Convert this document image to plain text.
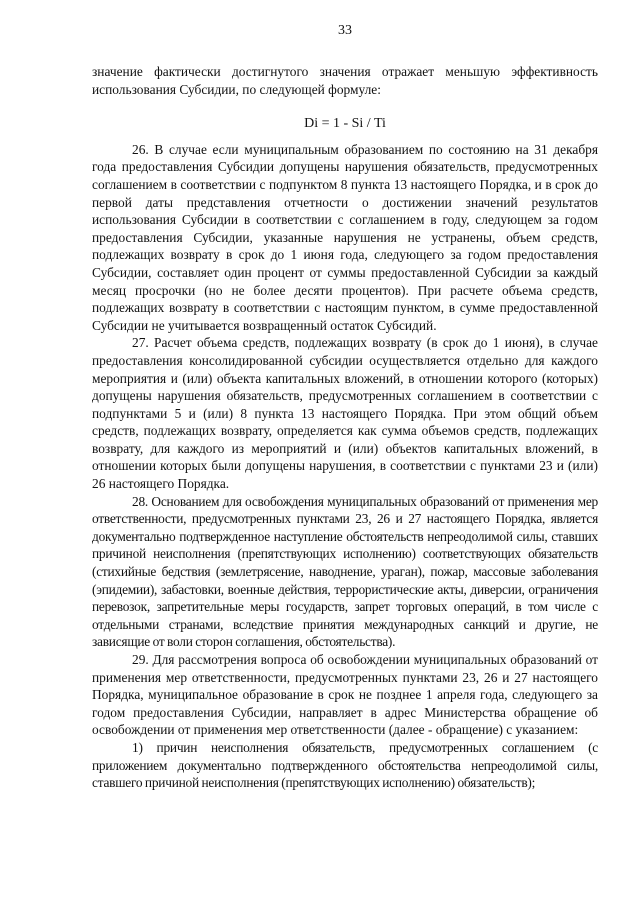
33

значение фактически достигнутого значения отражает меньшую эффективность использования Субсидии, по следующей формуле:

Di = 1 - Si / Ti

26. В случае если муниципальным образованием по состоянию на 31 декабря года предоставления Субсидии допущены нарушения обязательств, предусмотренных соглашением в соответствии с подпунктом 8 пункта 13 настоящего Порядка, и в срок до первой даты представления отчетности о достижении значений результатов использования Субсидии в соответствии с соглашением в году, следующем за годом предоставления Субсидии, указанные нарушения не устранены, объем средств, подлежащих возврату в срок до 1 июня года, следующего за годом предоставления Субсидии, составляет один процент от суммы предоставленной Субсидии за каждый месяц просрочки (но не более десяти процентов). При расчете объема средств, подлежащих возврату в соответствии с настоящим пунктом, в сумме предоставленной Субсидии не учитывается возвращенный остаток Субсидий.

27. Расчет объема средств, подлежащих возврату (в срок до 1 июня), в случае предоставления консолидированной субсидии осуществляется отдельно для каждого мероприятия и (или) объекта капитальных вложений, в отношении которого (которых) допущены нарушения обязательств, предусмотренных соглашением в соответствии с подпунктами 5 и (или) 8 пункта 13 настоящего Порядка. При этом общий объем средств, подлежащих возврату, определяется как сумма объемов средств, подлежащих возврату, для каждого из мероприятий и (или) объектов капитальных вложений, в отношении которых были допущены нарушения, в соответствии с пунктами 23 и (или) 26 настоящего Порядка.

28. Основанием для освобождения муниципальных образований от применения мер ответственности, предусмотренных пунктами 23, 26 и 27 настоящего Порядка, является документально подтвержденное наступление обстоятельств непреодолимой силы, ставших причиной неисполнения (препятствующих исполнению) соответствующих обязательств (стихийные бедствия (землетрясение, наводнение, ураган), пожар, массовые заболевания (эпидемии), забастовки, военные действия, террористические акты, диверсии, ограничения перевозок, запретительные меры государств, запрет торговых операций, в том числе с отдельными странами, вследствие принятия международных санкций и другие, не зависящие от воли сторон соглашения, обстоятельства).

29. Для рассмотрения вопроса об освобождении муниципальных образований от применения мер ответственности, предусмотренных пунктами 23, 26 и 27 настоящего Порядка, муниципальное образование в срок не позднее 1 апреля года, следующего за годом предоставления Субсидии, направляет в адрес Министерства обращение об освобождении от применения мер ответственности (далее - обращение) с указанием:

1) причин неисполнения обязательств, предусмотренных соглашением (с приложением документально подтвержденного обстоятельства непреодолимой силы, ставшего причиной неисполнения (препятствующих исполнению) обязательств);
